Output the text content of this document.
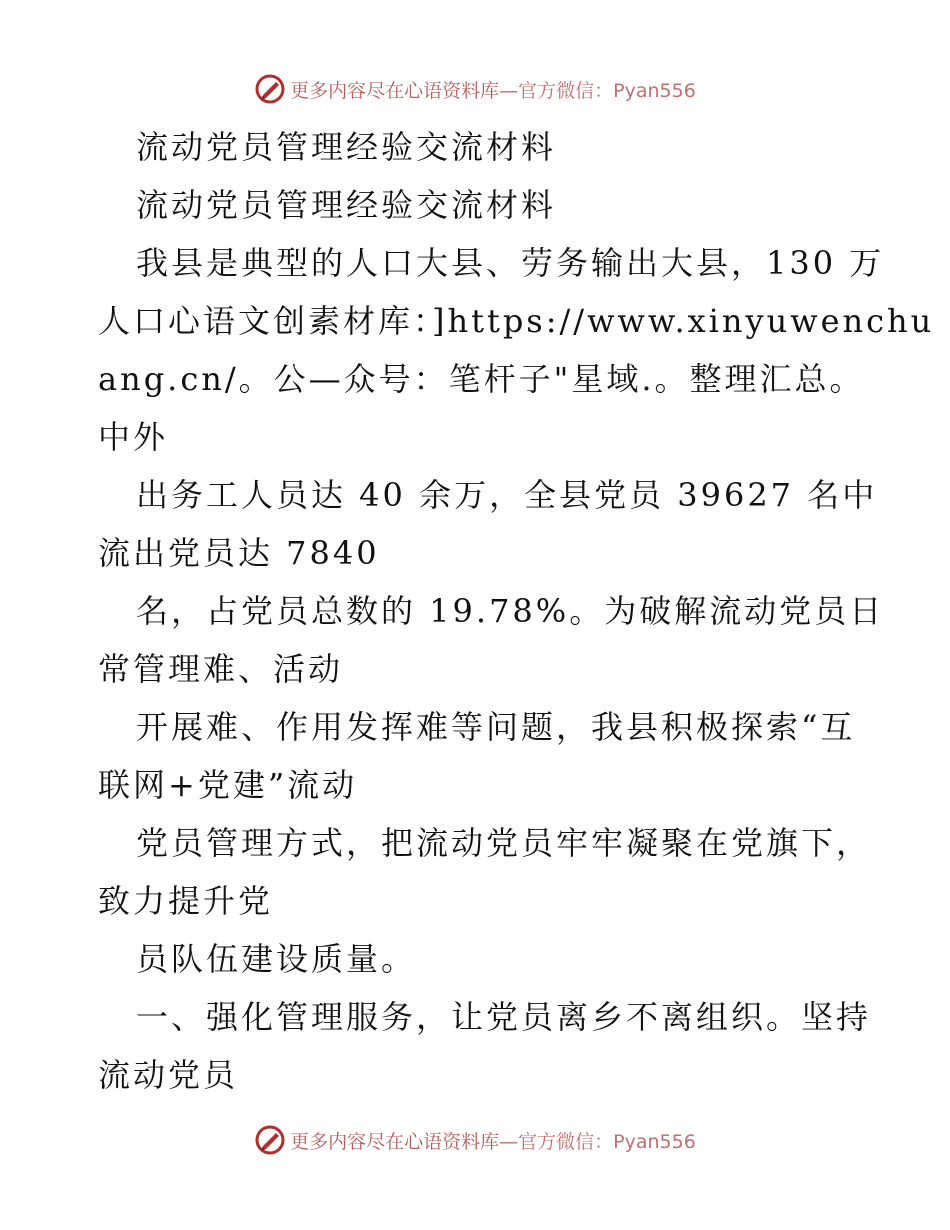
更多内容尽在心语资料库—官方微信：Pyan556
流动党员管理经验交流材料
流动党员管理经验交流材料
我县是典型的人口大县、劳务输出大县，130 万
人口心语文创素材库：]https://www.xinyuwenchu
ang.cn/。公—众号：笔杆子"星域.。整理汇总。
中外
出务工人员达 40 余万，全县党员 39627 名中
流出党员达 7840
名，占党员总数的 19.78%。为破解流动党员日
常管理难、活动
开展难、作用发挥难等问题，我县积极探索“互
联网+党建”流动
党员管理方式，把流动党员牢牢凝聚在党旗下，
致力提升党
员队伍建设质量。
一、强化管理服务，让党员离乡不离组织。坚持
流动党员
更多内容尽在心语资料库—官方微信：Pyan556
